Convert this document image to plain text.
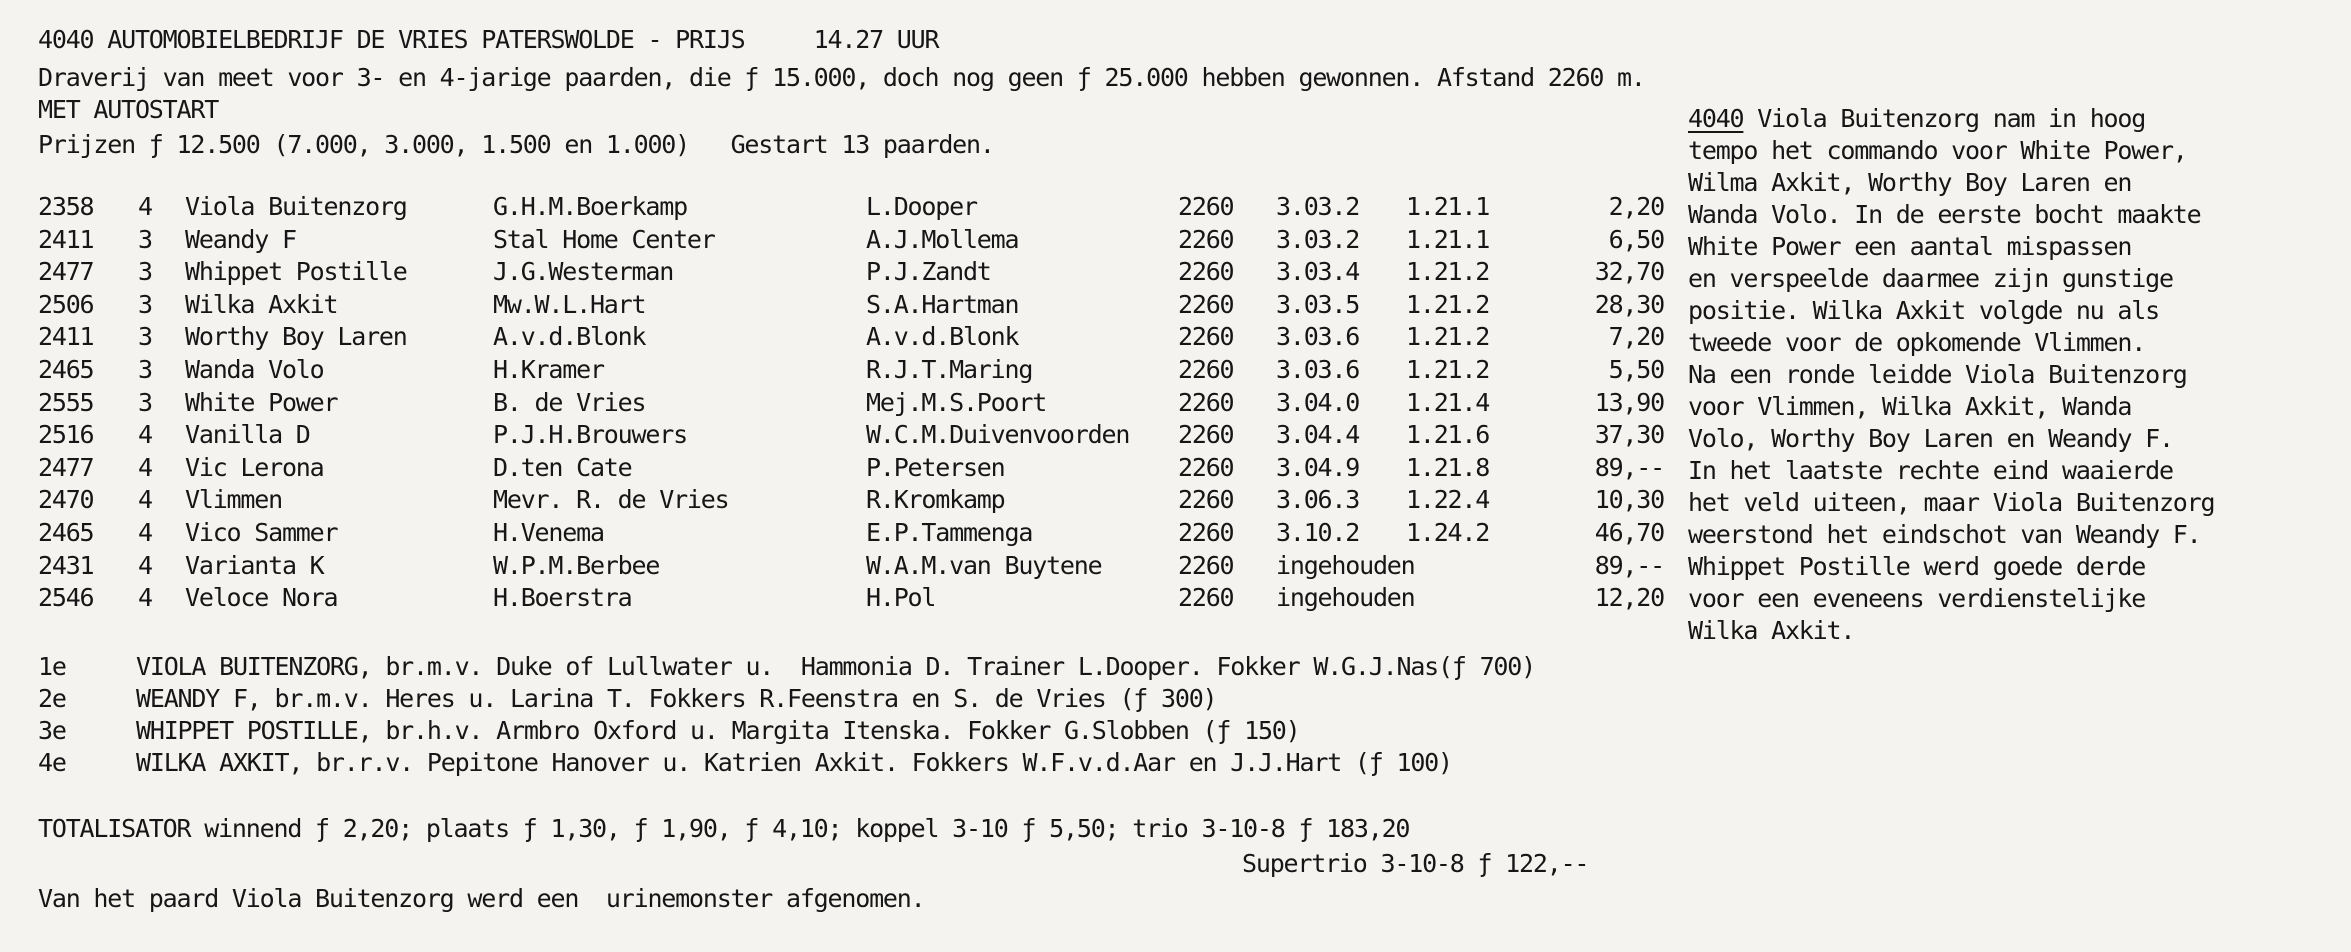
4040 AUTOMOBIELBEDRIJF DE VRIES PATERSWOLDE - PRIJS     14.27 UUR
Draverij van meet voor 3- en 4-jarige paarden, die ƒ 15.000, doch nog geen ƒ 25.000 hebben gewonnen. Afstand 2260 m.
MET AUTOSTART
Prijzen ƒ 12.500 (7.000, 3.000, 1.500 en 1.000)   Gestart 13 paarden.
2358 4 Viola Buitenzorg	G.H.M.Boerkamp	L.Dooper	2260 3.03.2 1.21.1	2,20
2411 3 Weandy F	Stal Home Center	A.J.Mollema	2260 3.03.2 1.21.1	6,50
2477 3 Whippet Postille	J.G.Westerman	P.J.Zandt	2260 3.03.4 1.21.2	32,70
2506 3 Wilka Axkit	Mw.W.L.Hart	S.A.Hartman	2260 3.03.5 1.21.2	28,30
2411 3 Worthy Boy Laren	A.v.d.Blonk	A.v.d.Blonk	2260 3.03.6 1.21.2	7,20
2465 3 Wanda Volo	H.Kramer	R.J.T.Maring	2260 3.03.6 1.21.2	5,50
2555 3 White Power	B. de Vries	Mej.M.S.Poort	2260 3.04.0 1.21.4	13,90
2516 4 Vanilla D	P.J.H.Brouwers	W.C.M.Duivenvoorden 2260 3.04.4 1.21.6	37,30
2477 4 Vic Lerona	D.ten Cate	P.Petersen	2260 3.04.9 1.21.8	89,--
2470 4 Vlimmen	Mevr. R. de Vries	R.Kromkamp	2260 3.06.3 1.22.4	10,30
2465 4 Vico Sammer	H.Venema	E.P.Tammenga	2260 3.10.2 1.24.2	46,70
2431 4 Varianta K	W.P.M.Berbee	W.A.M.van Buytene	2260 ingehouden	89,--
2546 4 Veloce Nora	H.Boerstra	H.Pol	2260 ingehouden	12,20
4040 Viola Buitenzorg nam in hoog
tempo het commando voor White Power,
Wilma Axkit, Worthy Boy Laren en
Wanda Volo. In de eerste bocht maakte
White Power een aantal mispassen
en verspeelde daarmee zijn gunstige
positie. Wilka Axkit volgde nu als
tweede voor de opkomende Vlimmen.
Na een ronde leidde Viola Buitenzorg
voor Vlimmen, Wilka Axkit, Wanda
Volo, Worthy Boy Laren en Weandy F.
In het laatste rechte eind waaierde
het veld uiteen, maar Viola Buitenzorg
weerstond het eindschot van Weandy F.
Whippet Postille werd goede derde
voor een eveneens verdienstelijke
Wilka Axkit.
1e	VIOLA BUITENZORG, br.m.v. Duke of Lullwater u.  Hammonia D. Trainer L.Dooper. Fokker W.G.J.Nas(ƒ 700)
2e	WEANDY F, br.m.v. Heres u. Larina T. Fokkers R.Feenstra en S. de Vries (ƒ 300)
3e	WHIPPET POSTILLE, br.h.v. Armbro Oxford u. Margita Itenska. Fokker G.Slobben (ƒ 150)
4e	WILKA AXKIT, br.r.v. Pepitone Hanover u. Katrien Axkit. Fokkers W.F.v.d.Aar en J.J.Hart (ƒ 100)
TOTALISATOR winnend ƒ 2,20; plaats ƒ 1,30, ƒ 1,90, ƒ 4,10; koppel 3-10 ƒ 5,50; trio 3-10-8 ƒ 183,20
Supertrio 3-10-8 ƒ 122,--
Van het paard Viola Buitenzorg werd een  urinemonster afgenomen.
